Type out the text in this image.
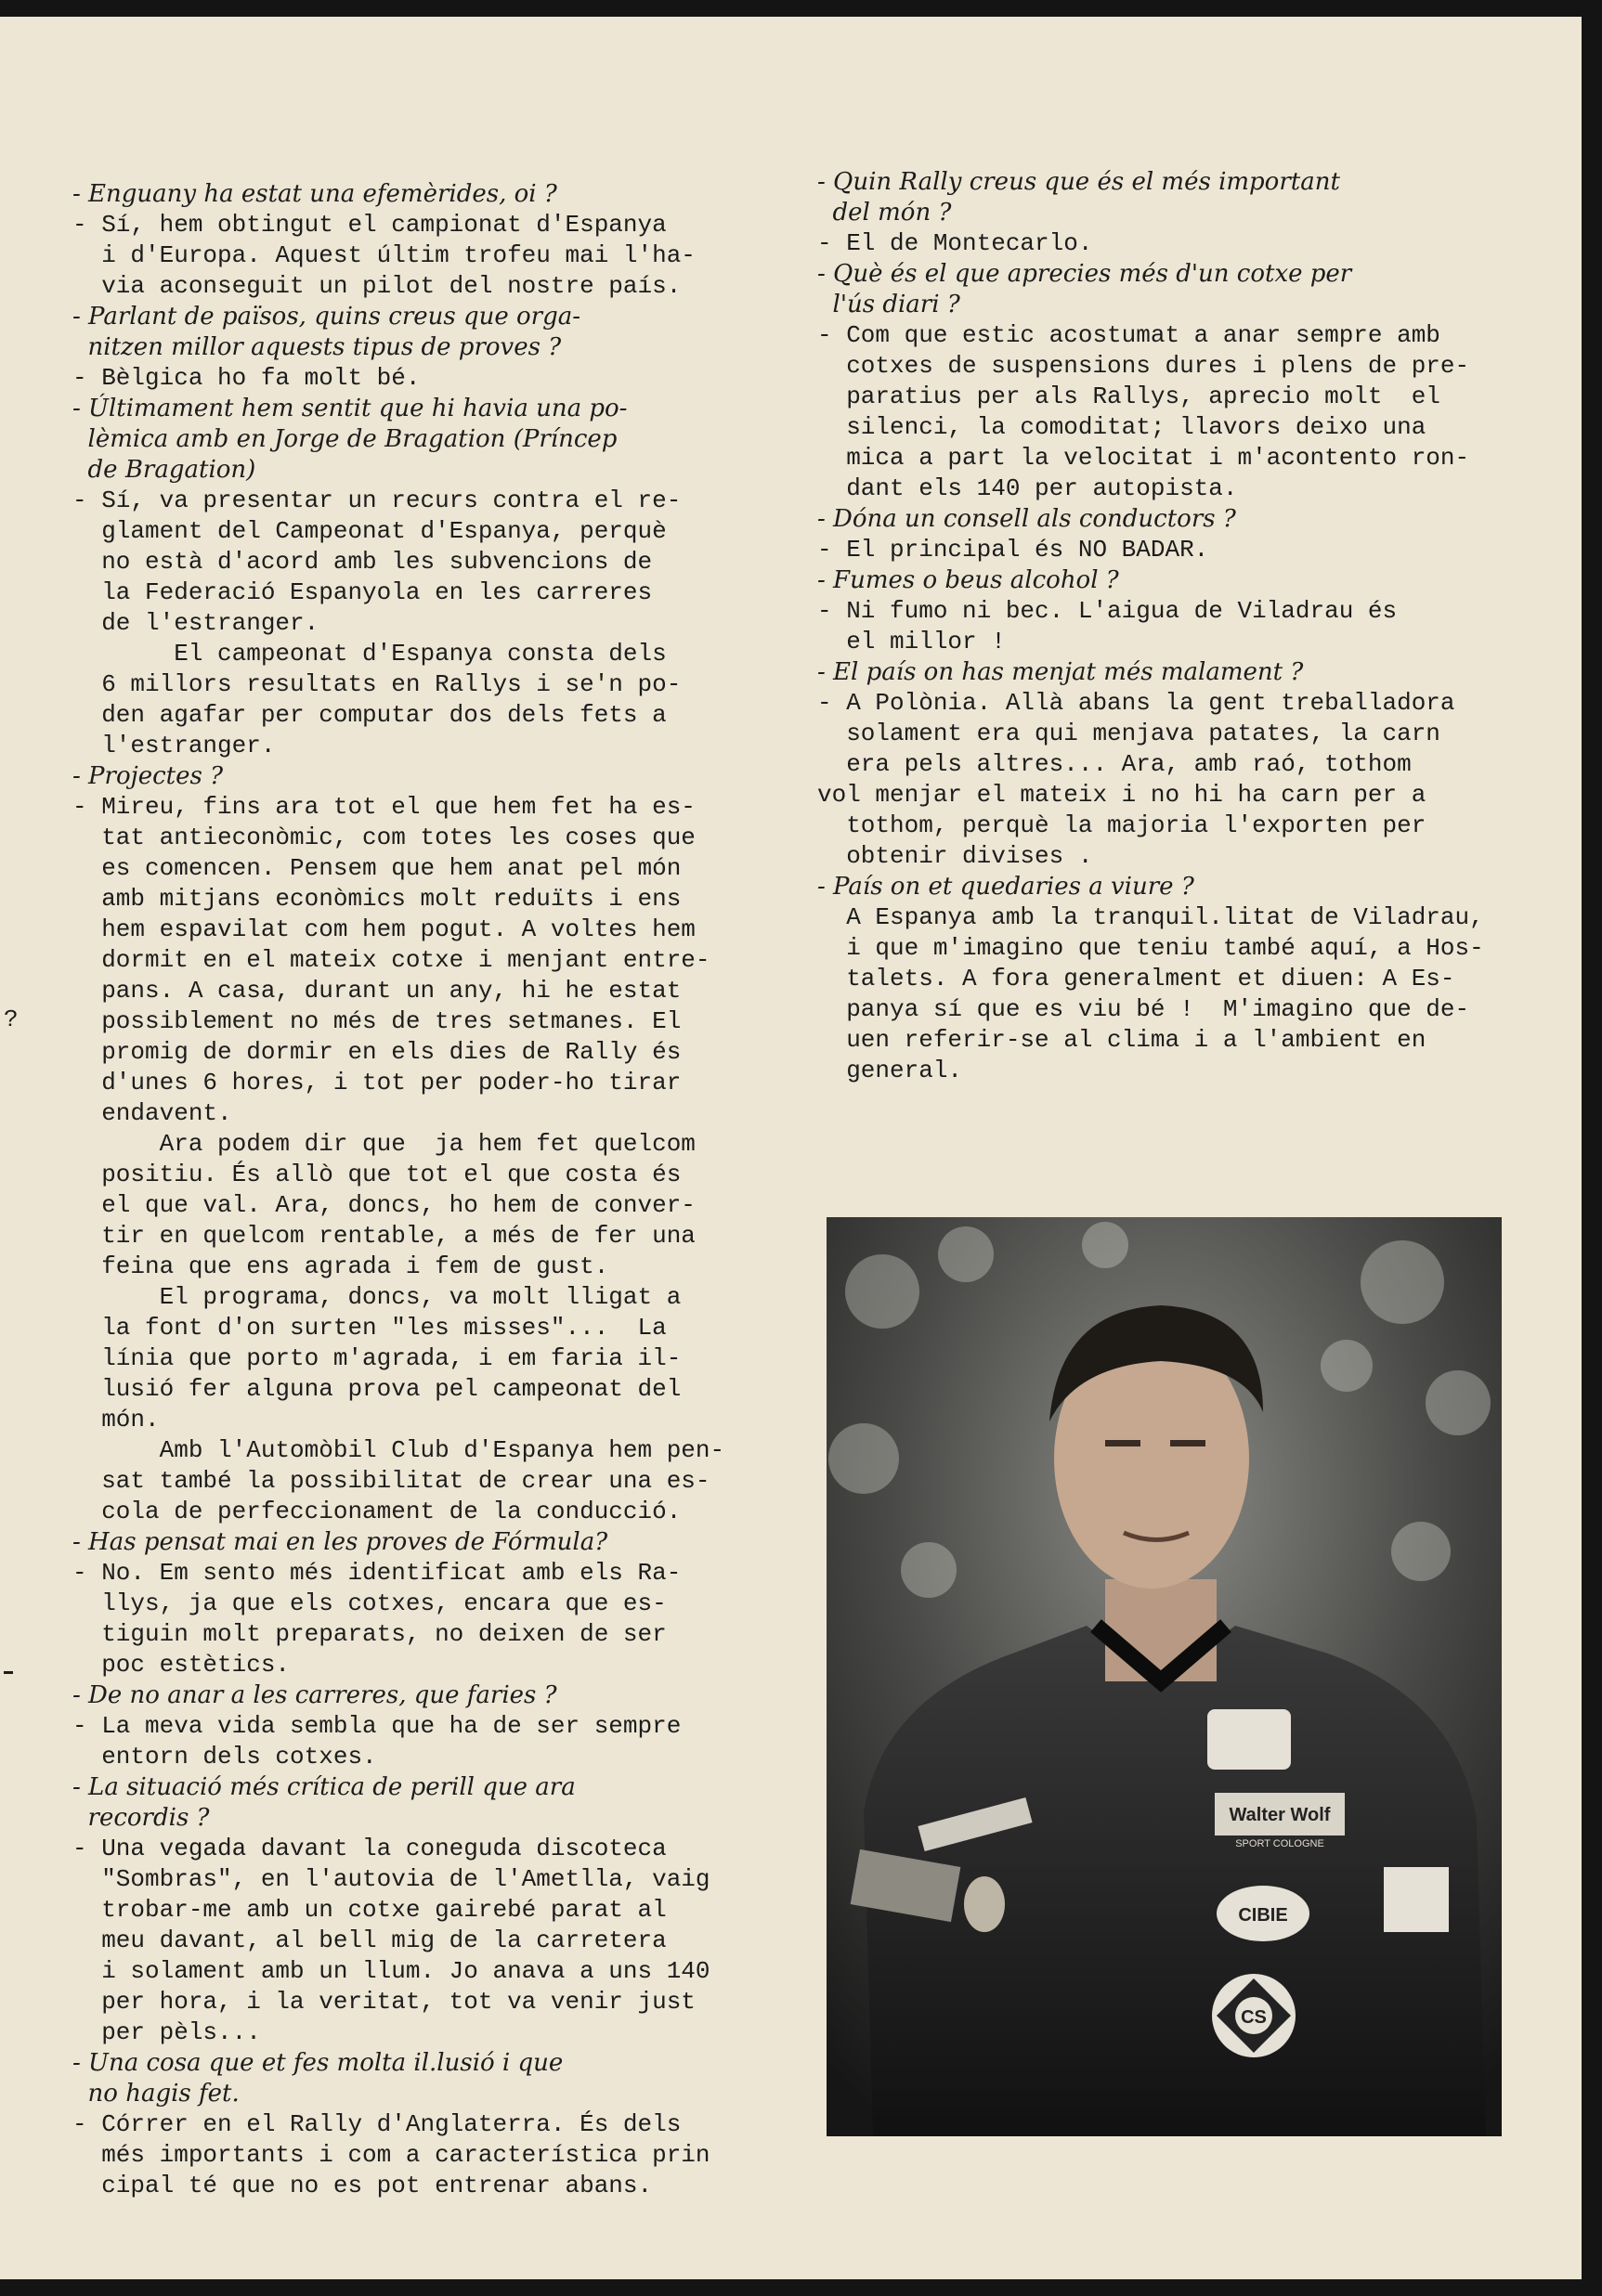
?

- Enguany ha estat una efemèrides, oi ?

- Sí, hem obtingut el campionat d'Espanya

i d'Europa. Aquest últim trofeu mai l'ha-

via aconseguit un pilot del nostre país.

- Parlant de països, quins creus que orga-

nitzen millor aquests tipus de proves ?

- Bèlgica ho fa molt bé.

- Últimament hem sentit que hi havia una po-

lèmica amb en Jorge de Bragation (Príncep

de Bragation)

- Sí, va presentar un recurs contra el re-

glament del Campeonat d'Espanya, perquè

no està d'acord amb les subvencions de

la Federació Espanyola en les carreres

de l'estranger.

El campeonat d'Espanya consta dels

6 millors resultats en Rallys i se'n po-

den agafar per computar dos dels fets a

l'estranger.

- Projectes ?

- Mireu, fins ara tot el que hem fet ha es-

tat antieconòmic, com totes les coses que

es comencen. Pensem que hem anat pel món

amb mitjans econòmics molt reduïts i ens

hem espavilat com hem pogut. A voltes hem

dormit en el mateix cotxe i menjant entre-

pans. A casa, durant un any, hi he estat

possiblement no més de tres setmanes. El

promig de dormir en els dies de Rally és

d'unes 6 hores, i tot per poder-ho tirar

endavent.

Ara podem dir que  ja hem fet quelcom

positiu. És allò que tot el que costa és

el que val. Ara, doncs, ho hem de conver-

tir en quelcom rentable, a més de fer una

feina que ens agrada i fem de gust.

El programa, doncs, va molt lligat a

la font d'on surten "les misses"...  La

línia que porto m'agrada, i em faria il-

lusió fer alguna prova pel campeonat del

món.

Amb l'Automòbil Club d'Espanya hem pen-

sat també la possibilitat de crear una es-

cola de perfeccionament de la conducció.

- Has pensat mai en les proves de Fórmula?

- No. Em sento més identificat amb els Ra-

llys, ja que els cotxes, encara que es-

tiguin molt preparats, no deixen de ser

poc estètics.

- De no anar a les carreres, que faries ?

- La meva vida sembla que ha de ser sempre

entorn dels cotxes.

- La situació més crítica de perill que ara

recordis ?

- Una vegada davant la coneguda discoteca

"Sombras", en l'autovia de l'Ametlla, vaig

trobar-me amb un cotxe gairebé parat al

meu davant, al bell mig de la carretera

i solament amb un llum. Jo anava a uns 140

per hora, i la veritat, tot va venir just

per pèls...

- Una cosa que et fes molta il.lusió i que

no hagis fet.

- Córrer en el Rally d'Anglaterra. És dels

més importants i com a característica prin

cipal té que no es pot entrenar abans.

- Quin Rally creus que és el més important

del món ?

- El de Montecarlo.

- Què és el que aprecies més d'un cotxe per

l'ús diari ?

- Com que estic acostumat a anar sempre amb

cotxes de suspensions dures i plens de pre-

paratius per als Rallys, aprecio molt  el

silenci, la comoditat; llavors deixo una

mica a part la velocitat i m'acontento ron-

dant els 140 per autopista.

- Dóna un consell als conductors ?

- El principal és NO BADAR.

- Fumes o beus alcohol ?

- Ni fumo ni bec. L'aigua de Viladrau és

el millor !

- El país on has menjat més malament ?

- A Polònia. Allà abans la gent treballadora

solament era qui menjava patates, la carn

era pels altres... Ara, amb raó, tothom

vol menjar el mateix i no hi ha carn per a

tothom, perquè la majoria l'exporten per

obtenir divises .

- País on et quedaries a viure ?

A Espanya amb la tranquil.litat de Viladrau,

i que m'imagino que teniu també aquí, a Hos-

talets. A fora generalment et diuen: A Es-

panya sí que es viu bé !  M'imagino que de-

uen referir-se al clima i a l'ambient en

general.

Walter Wolf
SPORT COLOGNE
CIBIE
CS
